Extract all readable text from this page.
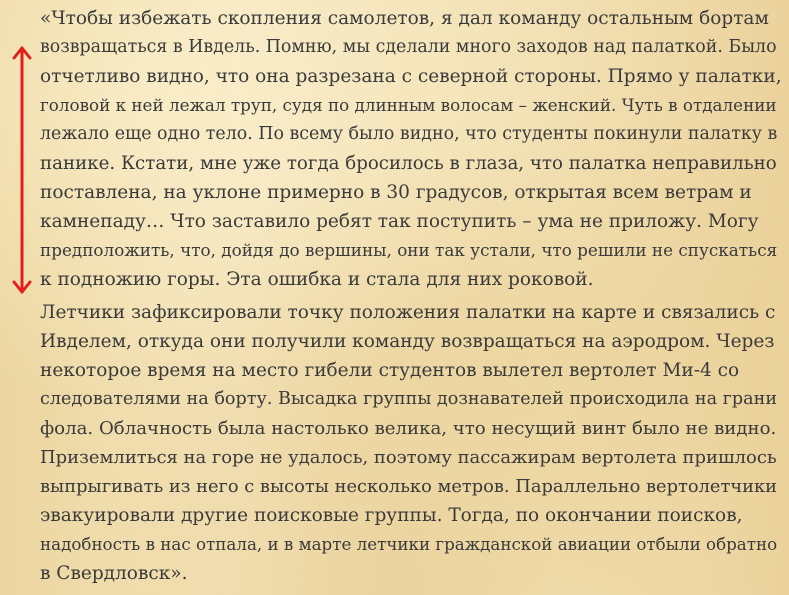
«Чтобы избежать скопления самолетов, я дал команду остальным бортам
возвращаться в Ивдель. Помню, мы сделали много заходов над палаткой. Было
отчетливо видно, что она разрезана с северной стороны. Прямо у палатки,
головой к ней лежал труп, судя по длинным волосам – женский. Чуть в отдалении
лежало еще одно тело. По всему было видно, что студенты покинули палатку в
панике. Кстати, мне уже тогда бросилось в глаза, что палатка неправильно
поставлена, на уклоне примерно в 30 градусов, открытая всем ветрам и
камнепаду… Что заставило ребят так поступить – ума не приложу. Могу
предположить, что, дойдя до вершины, они так устали, что решили не спускаться
к подножию горы. Эта ошибка и стала для них роковой.

Летчики зафиксировали точку положения палатки на карте и связались с
Ивделем, откуда они получили команду возвращаться на аэродром. Через
некоторое время на место гибели студентов вылетел вертолет Ми-4 со
следователями на борту. Высадка группы дознавателей происходила на грани
фола. Облачность была настолько велика, что несущий винт было не видно.
Приземлиться на горе не удалось, поэтому пассажирам вертолета пришлось
выпрыгивать из него с высоты несколько метров. Параллельно вертолетчики
эвакуировали другие поисковые группы. Тогда, по окончании поисков,
надобность в нас отпала, и в марте летчики гражданской авиации отбыли обратно
в Свердловск».
